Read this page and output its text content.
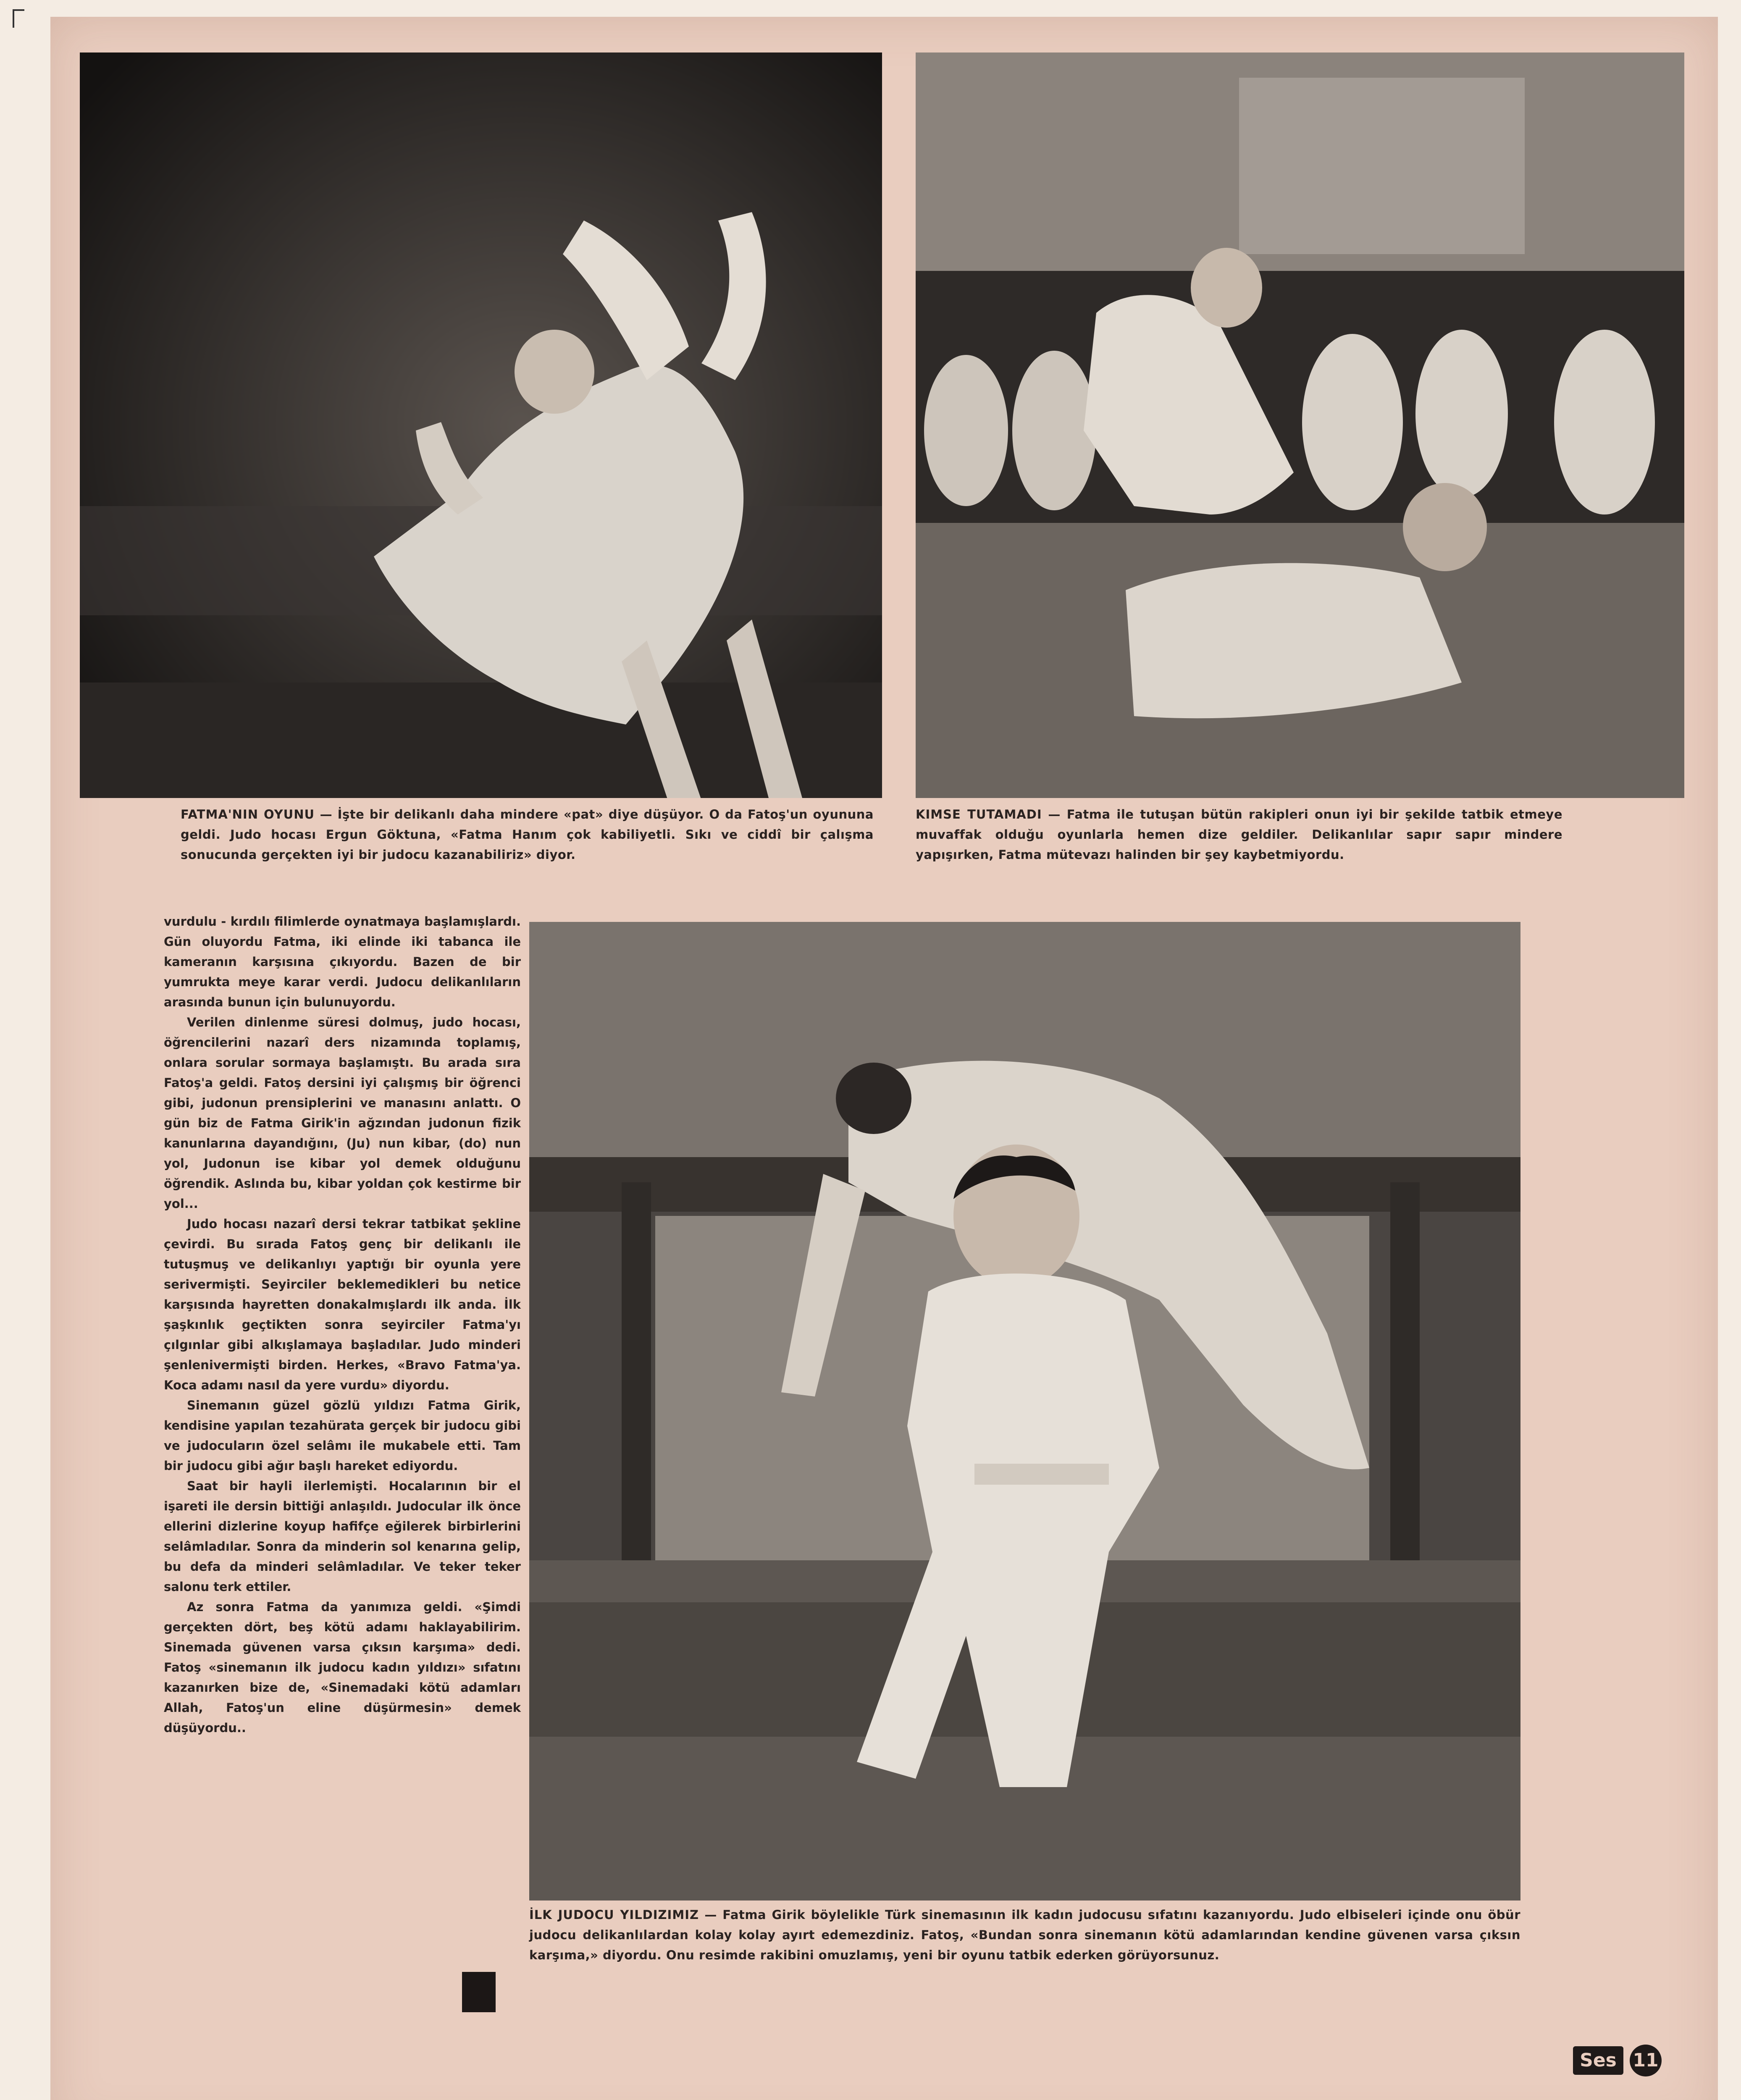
FATMA'NIN OYUNU — İşte bir delikanlı daha mindere «pat» diye düşüyor. O da Fatoş'un oyununa geldi. Judo hocası Ergun Göktuna, «Fatma Hanım çok kabiliyetli. Sıkı ve ciddî bir çalışma sonucunda gerçekten iyi bir judocu kazanabiliriz» diyor.
KIMSE TUTAMADI — Fatma ile tutuşan bütün rakipleri onun iyi bir şekilde tatbik etmeye muvaffak olduğu oyunlarla hemen dize geldiler. Delikanlılar sapır sapır mindere yapışırken, Fatma mütevazı halinden bir şey kaybetmiyordu.

vurdulu - kırdılı filimlerde oynatmaya başlamışlardı. Gün oluyordu Fatma, iki elinde iki tabanca ile kameranın karşısına çıkıyordu. Bazen de bir yumrukta meye karar verdi. Judocu delikanlıların arasında bunun için bulunuyordu.

Verilen dinlenme süresi dolmuş, judo hocası, öğrencilerini nazarî ders nizamında toplamış, onlara sorular sormaya başlamıştı. Bu arada sıra Fatoş'a geldi. Fatoş dersini iyi çalışmış bir öğrenci gibi, judonun prensiplerini ve manasını anlattı. O gün biz de Fatma Girik'in ağzından judonun fizik kanunlarına dayandığını, (Ju) nun kibar, (do) nun yol, Judonun ise kibar yol demek olduğunu öğrendik. Aslında bu, kibar yoldan çok kestirme bir yol...

Judo hocası nazarî dersi tekrar tatbikat şekline çevirdi. Bu sırada Fatoş genç bir delikanlı ile tutuşmuş ve delikanlıyı yaptığı bir oyunla yere serivermişti. Seyirciler beklemedikleri bu netice karşısında hayretten donakalmışlardı ilk anda. İlk şaşkınlık geçtikten sonra seyirciler Fatma'yı çılgınlar gibi alkışlamaya başladılar. Judo minderi şenlenivermişti birden. Herkes, «Bravo Fatma'ya. Koca adamı nasıl da yere vurdu» diyordu.

Sinemanın güzel gözlü yıldızı Fatma Girik, kendisine yapılan tezahürata gerçek bir judocu gibi ve judocuların özel selâmı ile mukabele etti. Tam bir judocu gibi ağır başlı hareket ediyordu.

Saat bir hayli ilerlemişti. Hocalarının bir el işareti ile dersin bittiği anlaşıldı. Judocular ilk önce ellerini dizlerine koyup hafifçe eğilerek birbirlerini selâmladılar. Sonra da minderin sol kenarına gelip, bu defa da minderi selâmladılar. Ve teker teker salonu terk ettiler.

Az sonra Fatma da yanımıza geldi. «Şimdi gerçekten dört, beş kötü adamı haklayabilirim. Sinemada güvenen varsa çıksın karşıma» dedi. Fatoş «sinemanın ilk judocu kadın yıldızı» sıfatını kazanırken bize de, «Sinemadaki kötü adamları Allah, Fatoş'un eline düşürmesin» demek düşüyordu..

İLK JUDOCU YILDIZIMIZ — Fatma Girik böylelikle Türk sinemasının ilk kadın judocusu sıfatını kazanıyordu. Judo elbiseleri içinde onu öbür judocu delikanlılardan kolay kolay ayırt edemezdiniz. Fatoş, «Bundan sonra sinemanın kötü adamlarından kendine güvenen varsa çıksın karşıma,» diyordu. Onu resimde rakibini omuzlamış, yeni bir oyunu tatbik ederken görüyorsunuz.
Ses 11
